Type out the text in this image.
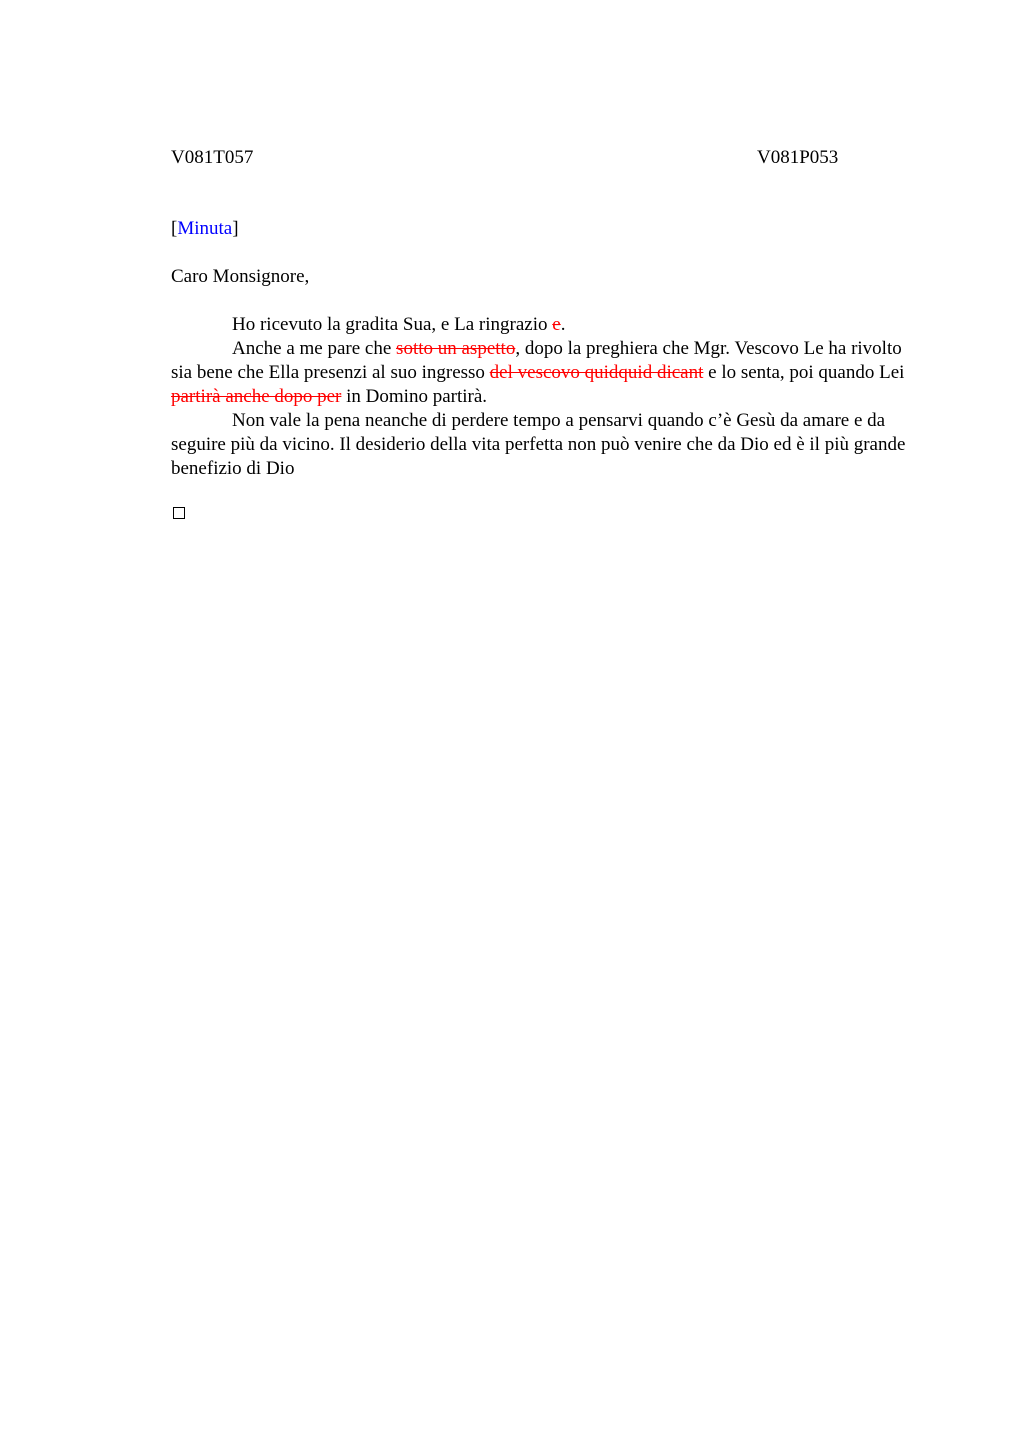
V081T057	V081P053

[Minuta]

Caro Monsignore,

Ho ricevuto la gradita Sua, e La ringrazio e.

Anche a me pare che sotto un aspetto, dopo la preghiera che Mgr. Vescovo Le ha rivolto sia bene che Ella presenzi al suo ingresso del vescovo quidquid dicant e lo senta, poi quando Lei partirà anche dopo per in Domino partirà.

Non vale la pena neanche di perdere tempo a pensarvi quando c’è Gesù da amare e da seguire più da vicino. Il desiderio della vita perfetta non può venire che da Dio ed è il più grande benefizio di Dio
